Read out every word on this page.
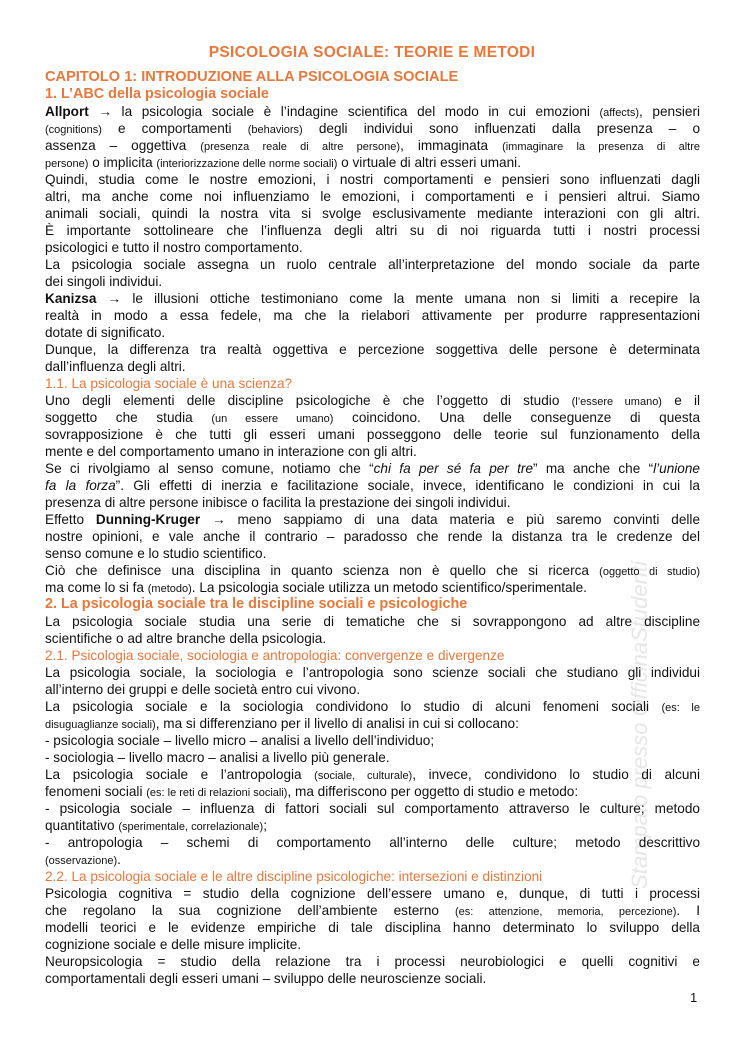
Stampato presso OfficinaStudenti
PSICOLOGIA SOCIALE: TEORIE E METODI
CAPITOLO 1: INTRODUZIONE ALLA PSICOLOGIA SOCIALE
1. L’ABC della psicologia sociale
Allport → la psicologia sociale è l’indagine scientifica del modo in cui emozioni (affects), pensieri
(cognitions) e comportamenti (behaviors) degli individui sono influenzati dalla presenza – o
assenza – oggettiva (presenza reale di altre persone), immaginata (immaginare la presenza di altre
persone) o implicita (interiorizzazione delle norme sociali) o virtuale di altri esseri umani.
Quindi, studia come le nostre emozioni, i nostri comportamenti e pensieri sono influenzati dagli
altri, ma anche come noi influenziamo le emozioni, i comportamenti e i pensieri altrui. Siamo
animali sociali, quindi la nostra vita si svolge esclusivamente mediante interazioni con gli altri.
È importante sottolineare che l’influenza degli altri su di noi riguarda tutti i nostri processi
psicologici e tutto il nostro comportamento.
La psicologia sociale assegna un ruolo centrale all’interpretazione del mondo sociale da parte
dei singoli individui.
Kanizsa → le illusioni ottiche testimoniano come la mente umana non si limiti a recepire la
realtà in modo a essa fedele, ma che la rielabori attivamente per produrre rappresentazioni
dotate di significato.
Dunque, la differenza tra realtà oggettiva e percezione soggettiva delle persone è determinata
dall’influenza degli altri.
1.1. La psicologia sociale è una scienza?
Uno degli elementi delle discipline psicologiche è che l’oggetto di studio (l’essere umano) e il
soggetto che studia (un essere umano) coincidono. Una delle conseguenze di questa
sovrapposizione è che tutti gli esseri umani posseggono delle teorie sul funzionamento della
mente e del comportamento umano in interazione con gli altri.
Se ci rivolgiamo al senso comune, notiamo che “chi fa per sé fa per tre” ma anche che “l’unione
fa la forza”. Gli effetti di inerzia e facilitazione sociale, invece, identificano le condizioni in cui la
presenza di altre persone inibisce o facilita la prestazione dei singoli individui.
Effetto Dunning-Kruger → meno sappiamo di una data materia e più saremo convinti delle
nostre opinioni, e vale anche il contrario – paradosso che rende la distanza tra le credenze del
senso comune e lo studio scientifico.
Ciò che definisce una disciplina in quanto scienza non è quello che si ricerca (oggetto di studio)
ma come lo si fa (metodo). La psicologia sociale utilizza un metodo scientifico/sperimentale.
2. La psicologia sociale tra le discipline sociali e psicologiche
La psicologia sociale studia una serie di tematiche che si sovrappongono ad altre discipline
scientifiche o ad altre branche della psicologia.
2.1. Psicologia sociale, sociologia e antropologia: convergenze e divergenze
La psicologia sociale, la sociologia e l’antropologia sono scienze sociali che studiano gli individui
all’interno dei gruppi e delle società entro cui vivono.
La psicologia sociale e la sociologia condividono lo studio di alcuni fenomeni sociali (es: le
disuguaglianze sociali), ma si differenziano per il livello di analisi in cui si collocano:
- psicologia sociale – livello micro – analisi a livello dell’individuo;
- sociologia – livello macro – analisi a livello più generale.
La psicologia sociale e l’antropologia (sociale, culturale), invece, condividono lo studio di alcuni
fenomeni sociali (es: le reti di relazioni sociali), ma differiscono per oggetto di studio e metodo:
- psicologia sociale – influenza di fattori sociali sul comportamento attraverso le culture; metodo
quantitativo (sperimentale, correlazionale);
- antropologia – schemi di comportamento all’interno delle culture; metodo descrittivo
(osservazione).
2.2. La psicologia sociale e le altre discipline psicologiche: intersezioni e distinzioni
Psicologia cognitiva = studio della cognizione dell’essere umano e, dunque, di tutti i processi
che regolano la sua cognizione dell’ambiente esterno (es: attenzione, memoria, percezione). I
modelli teorici e le evidenze empiriche di tale disciplina hanno determinato lo sviluppo della
cognizione sociale e delle misure implicite.
Neuropsicologia = studio della relazione tra i processi neurobiologici e quelli cognitivi e
comportamentali degli esseri umani – sviluppo delle neuroscienze sociali.
1
